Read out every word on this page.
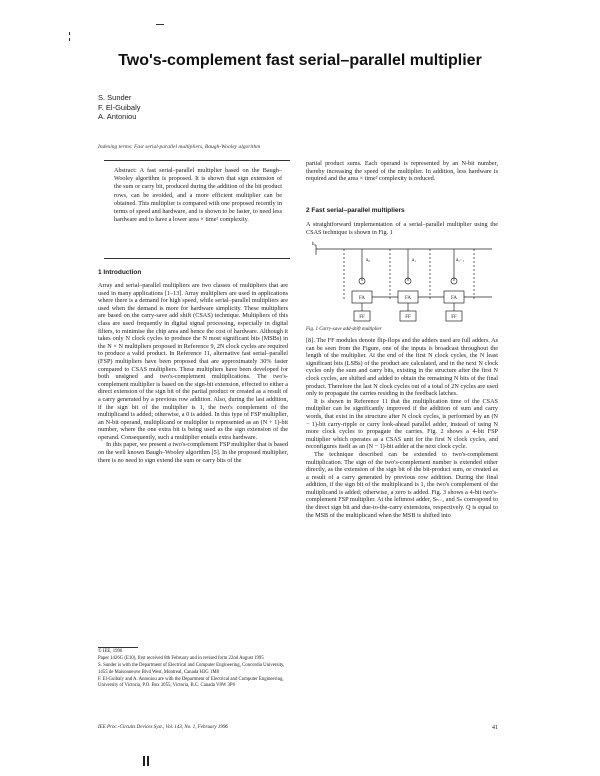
Two's-complement fast serial–parallel multiplier
S. Sunder
F. El-Guibaly
A. Antoniou
Indexing terms: Fast serial-parallel multipliers, Baugh-Wooley algorithm
Abstract: A fast serial–parallel multiplier based on the Baugh–Wooley algorithm is proposed. It is shown that sign extension of the sum or carry bit, produced during the addition of the bit product rows, can be avoided, and a more efficient multiplier can be obtained. This multiplier is compared with one proposed recently in terms of speed and hardware, and is shown to be faster, to need less hardware and to have a lower area × time² complexity.
1 Introduction

Array and serial–parallel multipliers are two classes of multipliers that are used in many applications [1–13]. Array multipliers are used in applications where there is a demand for high speed, while serial–parallel multipliers are used when the demand is more for hardware simplicity. These multipliers are based on the carry-save add shift (CSAS) technique. Multipliers of this class are used frequently in digital signal processing, especially in digital filters, to minimise the chip area and hence the cost of hardware. Although it takes only N clock cycles to produce the N most significant bits (MSBs) in the N × N multipliers proposed in Reference 9, 2N clock cycles are required to produce a valid product. In Reference 11, alternative fast serial–parallel (FSP) multipliers have been proposed that are approximately 30% faster compared to CSAS multipliers. These multipliers have been developed for both unsigned and two's-complement multiplications. The two's-complement multiplier is based on the sign-bit extension, effected to either a direct extension of the sign bit of the partial product or created as a result of a carry generated by a previous row addition. Also, during the last addition, if the sign bit of the multiplier is 1, the two's complement of the multiplicand is added; otherwise, a 0 is added. In this type of FSP multiplier, an N-bit operand, multiplicand or multiplier is represented as an (N + 1)-bit number, where the one extra bit is being used as the sign extension of the operand. Consequently, such a multiplier entails extra hardware.

In this paper, we present a two's-complement FSP multiplier that is based on the well known Baugh–Wooley algorithm [5]. In the proposed multiplier, there is no need to sign extend the sum or carry bits of the

© IEE, 1996

Paper 1426G (E10), first received 8th February and in revised form 22nd August 1995

S. Sunder is with the Department of Electrical and Computer Engineering, Concordia University, 1455 de Maisonneuve Blvd West, Montreal, Canada H3G 1M8

F. El-Guibaly and A. Antoniou are with the Department of Electrical and Computer Engineering, University of Victoria, P.O. Box 3055, Victoria, B.C. Canada V8W 3P6

partial product sums. Each operand is represented by an N-bit number, thereby increasing the speed of the multiplier. In addition, less hardware is required and the area × time² complexity is reduced.

2 Fast serial–parallel multipliers

A straightforward implementation of a serial–parallel multiplier using the CSAS technique is shown in Fig. 1

a₀	a₁	aₒ₋₁
FA	FA	FA
FF	FF	FF
b₀
Fig. 1 Carry-save add-shift multiplier

[8]. The FF modules denote flip-flops and the adders used are full adders. As can be seen from the Figure, one of the inputs is broadcast throughout the length of the multiplier. At the end of the first N clock cycles, the N least significant bits (LSBs) of the product are calculated, and in the next N clock cycles only the sum and carry bits, existing in the structure after the first N clock cycles, are shifted and added to obtain the remaining N bits of the final product. Therefore the last N clock cycles out of a total of 2N cycles are used only to propagate the carries residing in the feedback latches.

It is shown in Reference 11 that the multiplication time of the CSAS multiplier can be significantly improved if the addition of sum and carry words, that exist in the structure after N clock cycles, is performed by an (N − 1)-bit carry-ripple or carry look-ahead parallel adder, instead of using N more clock cycles to propagate the carries. Fig. 2 shows a 4-bit FSP multiplier which operates as a CSAS unit for the first N clock cycles, and reconfigures itself as an (N − 1)-bit adder at the next clock cycle.

The technique described can be extended to two's-complement multiplication. The sign of the two's-complement number is extended either directly, as the extension of the sign bit of the bit-product sum, or created as a result of a carry generated by previous row addition. During the final addition, if the sign bit of the multiplicand is 1, the two's complement of the multiplicand is added; otherwise, a zero is added. Fig. 3 shows a 4-bit two's-complement FSP multiplier. At the leftmost adder, Sₙ₋₁ and Sₙ correspond to the direct sign bit and due-to-the-carry extensions, respectively. Q is equal to the MSB of the multiplicand when the MSB is shifted into

IEE Proc.-Circuits Devices Syst., Vol. 143, No. 1, February 1996	41
